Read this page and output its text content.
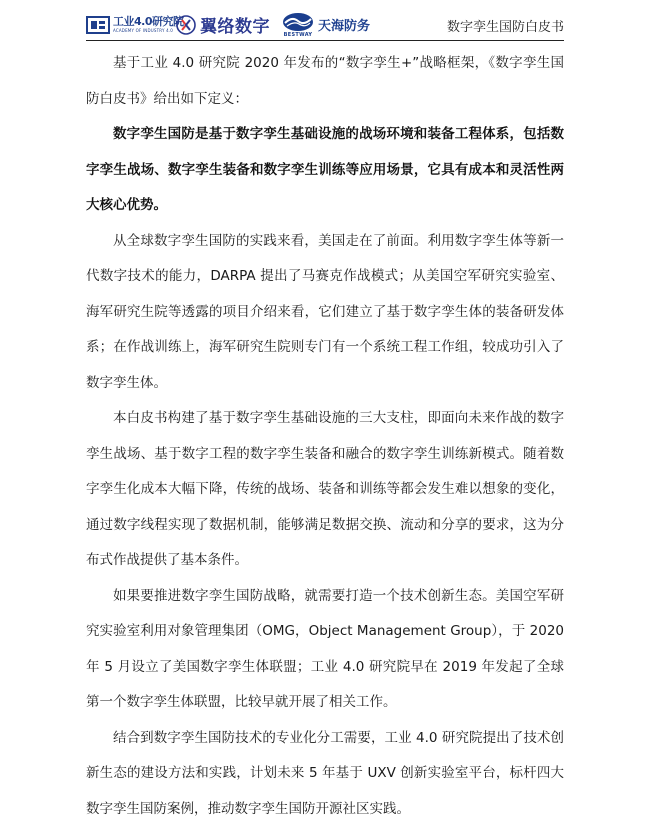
工业4.0研究院
ACADEMY OF INDUSTRY 4.0	翼络数字	BESTWAY
天海防务	数字孪生国防白皮书

基于工业 4.0 研究院 2020 年发布的“数字孪生+”战略框架，《数字孪生国防白皮书》给出如下定义：

数字孪生国防是基于数字孪生基础设施的战场环境和装备工程体系，包括数字孪生战场、数字孪生装备和数字孪生训练等应用场景，它具有成本和灵活性两大核心优势。

从全球数字孪生国防的实践来看，美国走在了前面。利用数字孪生体等新一代数字技术的能力，DARPA 提出了马赛克作战模式；从美国空军研究实验室、海军研究生院等透露的项目介绍来看，它们建立了基于数字孪生体的装备研发体系；在作战训练上，海军研究生院则专门有一个系统工程工作组，较成功引入了数字孪生体。

本白皮书构建了基于数字孪生基础设施的三大支柱，即面向未来作战的数字孪生战场、基于数字工程的数字孪生装备和融合的数字孪生训练新模式。随着数字孪生化成本大幅下降，传统的战场、装备和训练等都会发生难以想象的变化，通过数字线程实现了数据机制，能够满足数据交换、流动和分享的要求，这为分布式作战提供了基本条件。

如果要推进数字孪生国防战略，就需要打造一个技术创新生态。美国空军研究实验室利用对象管理集团（OMG，Object Management Group），于 2020 年 5 月设立了美国数字孪生体联盟；工业 4.0 研究院早在 2019 年发起了全球第一个数字孪生体联盟，比较早就开展了相关工作。

结合到数字孪生国防技术的专业化分工需要，工业 4.0 研究院提出了技术创新生态的建设方法和实践，计划未来 5 年基于 UXV 创新实验室平台，标杆四大数字孪生国防案例，推动数字孪生国防开源社区实践。
